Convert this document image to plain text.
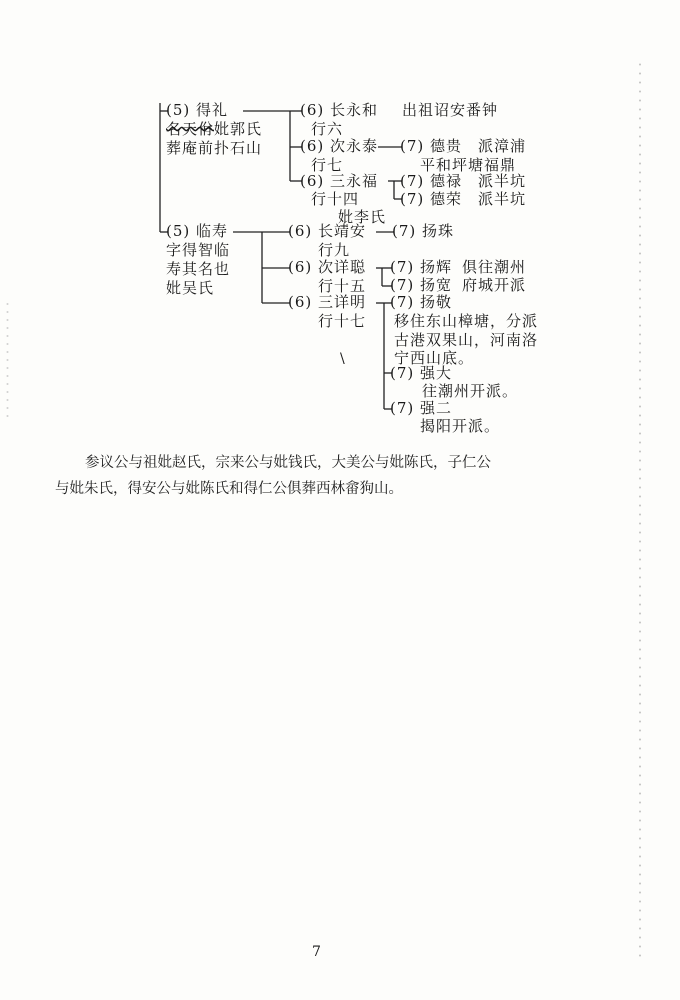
(5) 得礼
名天佾妣郭氏
葬庵前扑石山
(6) 长永和 出祖诏安番钟
行六
(6) 次永泰
行七
(7) 德贵 派漳浦
平和坪塘福鼎
(6) 三永福
行十四
妣李氏
(7) 德禄 派半坑
(7) 德荣 派半坑
(5) 临寿
字得智临
寿其名也
妣吴氏
(6) 长靖安
行九
(7) 扬珠
(6) 次详聪
行十五
(7) 扬辉 俱往潮州
(7) 扬宽 府城开派
(6) 三详明
行十七
(7) 扬敬
移住东山樟塘，分派
古港双果山，河南洛
宁西山底。
(7) 强大
往潮州开派。
(7) 强二
揭阳开派。
\
参议公与祖妣赵氏，宗来公与妣钱氏，大美公与妣陈氏，子仁公
与妣朱氏，得安公与妣陈氏和得仁公俱葬西林畲狗山。
7
